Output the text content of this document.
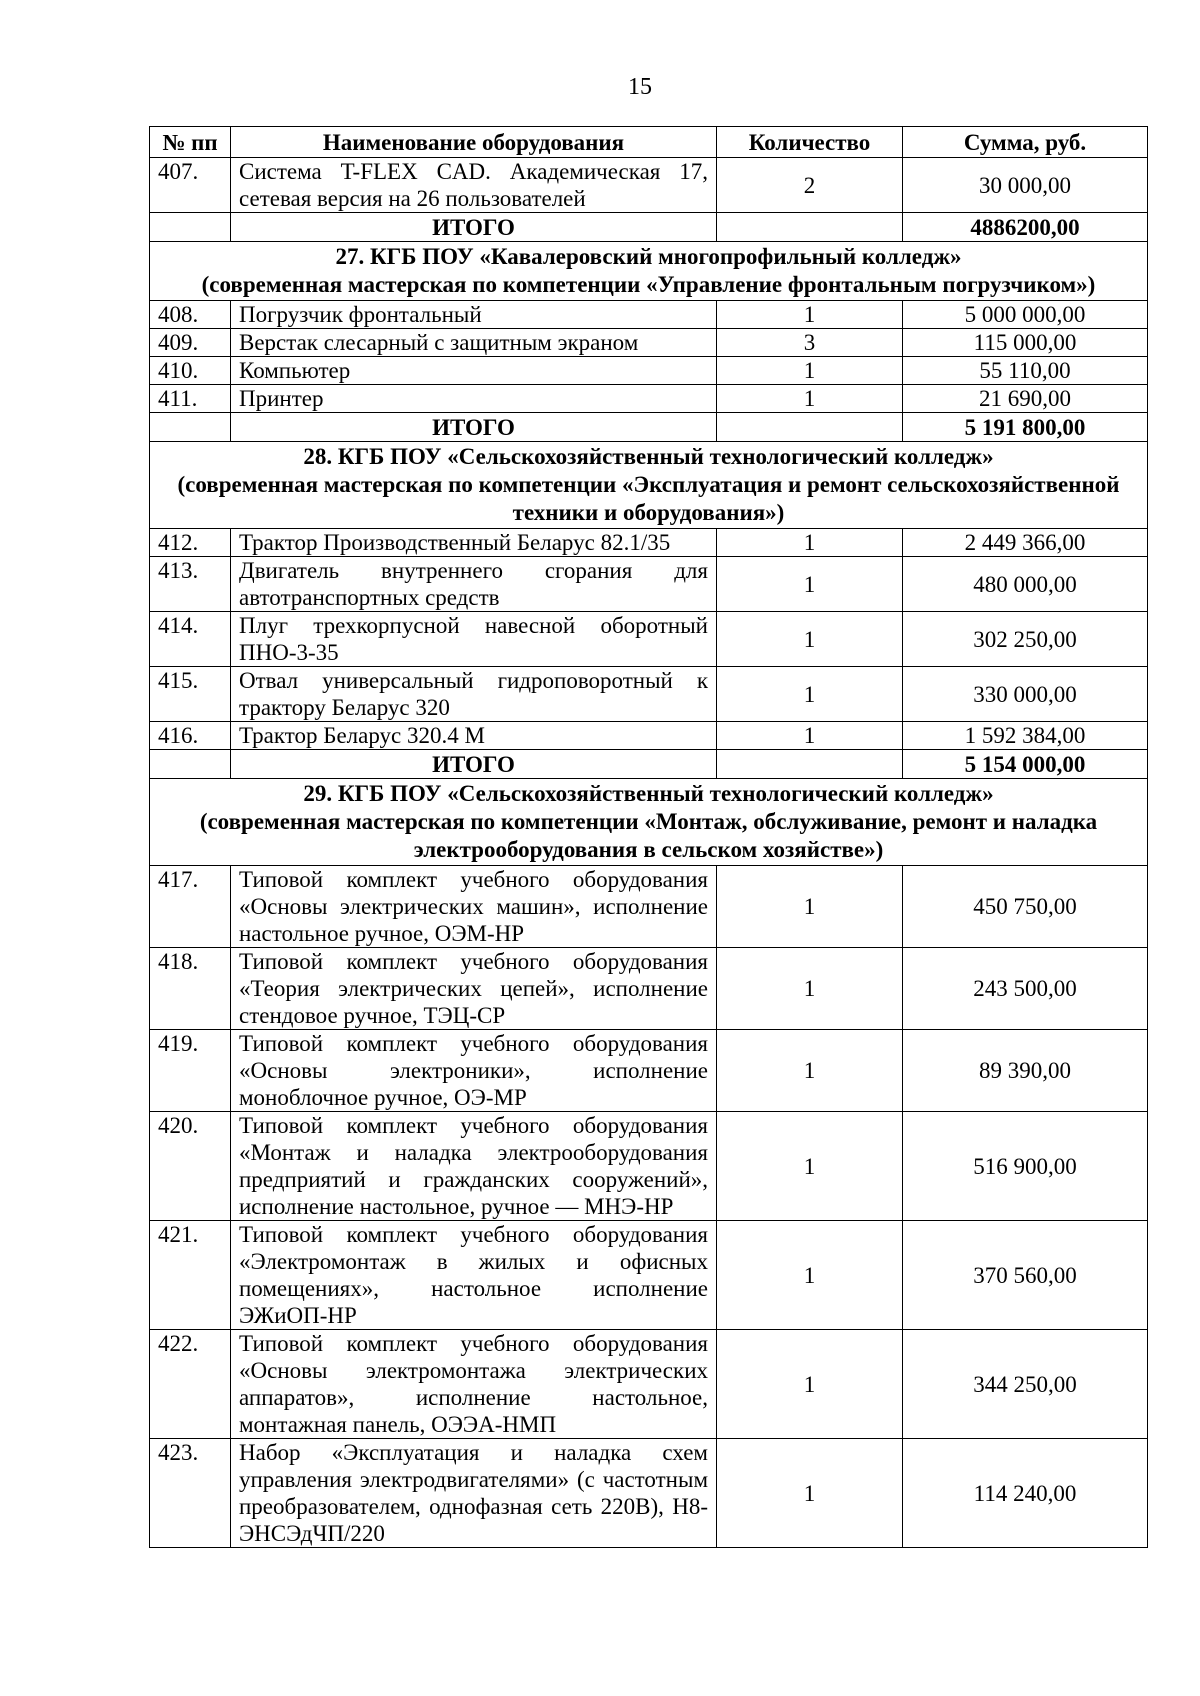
15
№ пп	Наименование оборудования	Количество	Сумма, руб.
407.	Система T-FLEX CAD. Академическая 17, сетевая версия на 26 пользователей	2	30 000,00
	ИТОГО		4886200,00

27. КГБ ПОУ «Кавалеровский многопрофильный колледж»
(современная мастерская по компетенции «Управление фронтальным погрузчиком»)			

408.	Погрузчик фронтальный	1	5 000 000,00
409.	Верстак слесарный с защитным экраном	3	115 000,00
410.	Компьютер	1	55 110,00
411.	Принтер	1	21 690,00
	ИТОГО		5 191 800,00

28. КГБ ПОУ «Сельскохозяйственный технологический колледж»
(современная мастерская по компетенции «Эксплуатация и ремонт сельскохозяйственной техники и оборудования»)			

412.	Трактор Производственный Беларус 82.1/35	1	2 449 366,00
413.	Двигатель внутреннего сгорания для автотранспортных средств	1	480 000,00
414.	Плуг трехкорпусной навесной оборотный ПНО-3-35	1	302 250,00
415.	Отвал универсальный гидроповоротный к трактору Беларус 320	1	330 000,00
416.	Трактор Беларус 320.4 М	1	1 592 384,00
	ИТОГО		5 154 000,00

29. КГБ ПОУ «Сельскохозяйственный технологический колледж»
(современная мастерская по компетенции «Монтаж, обслуживание, ремонт и наладка электрооборудования в сельском хозяйстве»)			

417.	Типовой комплект учебного оборудования «Основы электрических машин», исполнение настольное ручное, ОЭМ-НР	1	450 750,00
418.	Типовой комплект учебного оборудования «Теория электрических цепей», исполнение стендовое ручное, ТЭЦ-СР	1	243 500,00
419.	Типовой комплект учебного оборудования «Основы электроники», исполнение моноблочное ручное, ОЭ-МР	1	89 390,00
420.	Типовой комплект учебного оборудования «Монтаж и наладка электрооборудования предприятий и гражданских сооружений», исполнение настольное, ручное — МНЭ-НР	1	516 900,00
421.	Типовой комплект учебного оборудования «Электромонтаж в жилых и офисных помещениях», настольное исполнение ЭЖиОП-НР	1	370 560,00
422.	Типовой комплект учебного оборудования «Основы электромонтажа электрических аппаратов», исполнение настольное, монтажная панель, ОЭЭА-НМП	1	344 250,00
423.	Набор «Эксплуатация и наладка схем управления электродвигателями» (с частотным преобразователем, однофазная сеть 220В), Н8-ЭНСЭдЧП/220	1	114 240,00
